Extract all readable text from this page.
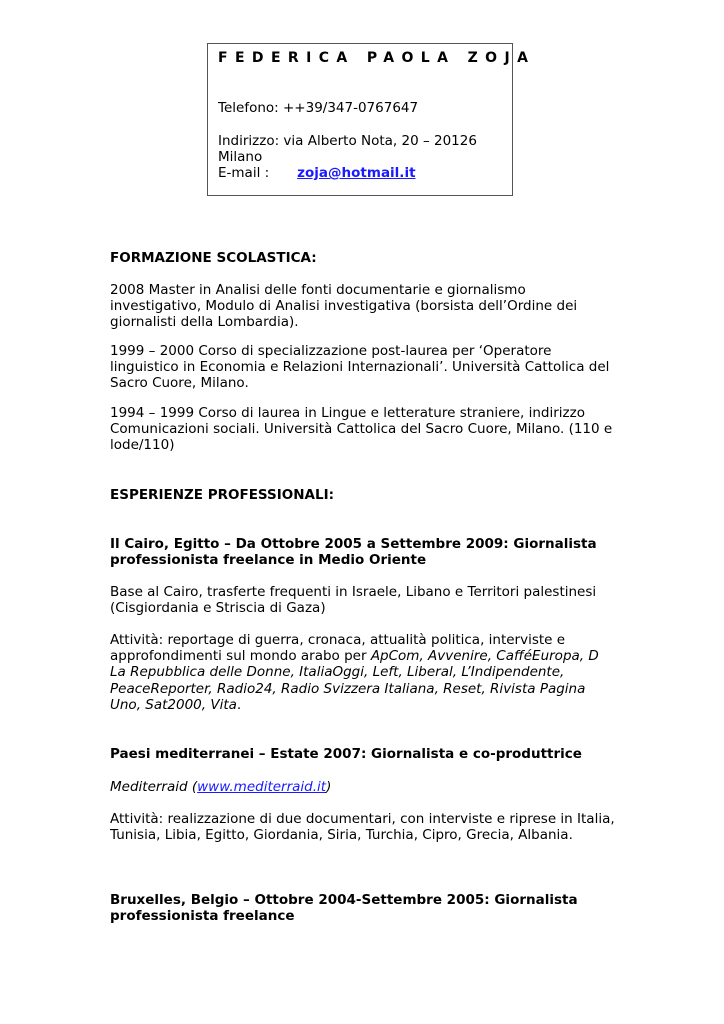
FEDERICA PAOLA ZOJA
Telefono: ++39/347-0767647
Indirizzo: via Alberto Nota, 20 – 20126
Milano
E-mail : zoja@hotmail.it

FORMAZIONE SCOLASTICA:

2008 Master in Analisi delle fonti documentarie e giornalismo investigativo, Modulo di Analisi investigativa (borsista dell’Ordine dei giornalisti della Lombardia).

1999 – 2000 Corso di specializzazione post-laurea per ‘Operatore linguistico in Economia e Relazioni Internazionali’. Università Cattolica del Sacro Cuore, Milano.

1994 – 1999 Corso di laurea in Lingue e letterature straniere, indirizzo Comunicazioni sociali. Università Cattolica del Sacro Cuore, Milano. (110 e lode/110)

ESPERIENZE PROFESSIONALI:

Il Cairo, Egitto – Da Ottobre 2005 a Settembre 2009: Giornalista professionista freelance in Medio Oriente

Base al Cairo, trasferte frequenti in Israele, Libano e Territori palestinesi (Cisgiordania e Striscia di Gaza)

Attività: reportage di guerra, cronaca, attualità politica, interviste e approfondimenti sul mondo arabo per ApCom, Avvenire, CafféEuropa, D La Repubblica delle Donne, ItaliaOggi, Left, Liberal, L’Indipendente, PeaceReporter, Radio24, Radio Svizzera Italiana, Reset, Rivista Pagina Uno, Sat2000, Vita.

Paesi mediterranei – Estate 2007: Giornalista e co-produttrice

Mediterraid (www.mediterraid.it)

Attività: realizzazione di due documentari, con interviste e riprese in Italia, Tunisia, Libia, Egitto, Giordania, Siria, Turchia, Cipro, Grecia, Albania.

Bruxelles, Belgio – Ottobre 2004-Settembre 2005: Giornalista professionista freelance
